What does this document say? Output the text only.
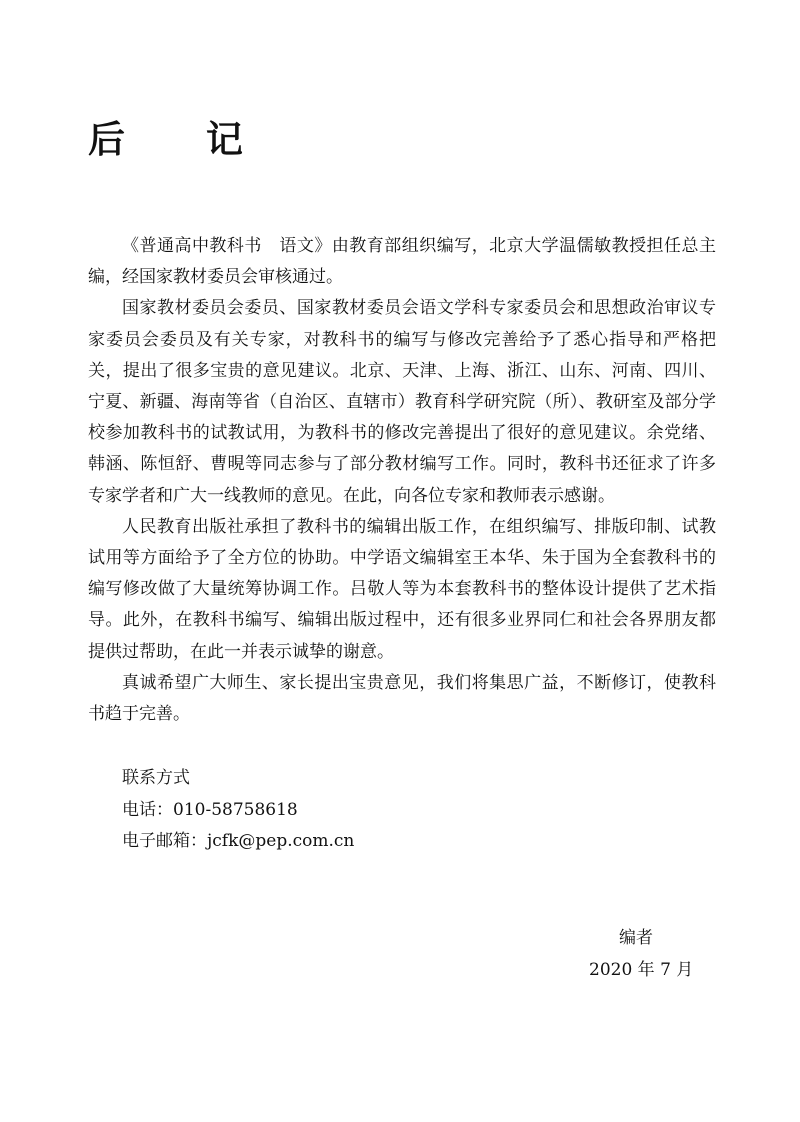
后 记

《普通高中教科书　语文》由教育部组织编写，北京大学温儒敏教授担任总主编，经国家教材委员会审核通过。

国家教材委员会委员、国家教材委员会语文学科专家委员会和思想政治审议专家委员会委员及有关专家，对教科书的编写与修改完善给予了悉心指导和严格把关，提出了很多宝贵的意见建议。北京、天津、上海、浙江、山东、河南、四川、宁夏、新疆、海南等省（自治区、直辖市）教育科学研究院（所）、教研室及部分学校参加教科书的试教试用，为教科书的修改完善提出了很好的意见建议。余党绪、韩涵、陈恒舒、曹晛等同志参与了部分教材编写工作。同时，教科书还征求了许多专家学者和广大一线教师的意见。在此，向各位专家和教师表示感谢。

人民教育出版社承担了教科书的编辑出版工作，在组织编写、排版印制、试教试用等方面给予了全方位的协助。中学语文编辑室王本华、朱于国为全套教科书的编写修改做了大量统筹协调工作。吕敬人等为本套教科书的整体设计提供了艺术指导。此外，在教科书编写、编辑出版过程中，还有很多业界同仁和社会各界朋友都提供过帮助，在此一并表示诚挚的谢意。

真诚希望广大师生、家长提出宝贵意见，我们将集思广益，不断修订，使教科书趋于完善。

联系方式

电话：010-58758618

电子邮箱：jcfk@pep.com.cn

编者

2020 年 7 月
